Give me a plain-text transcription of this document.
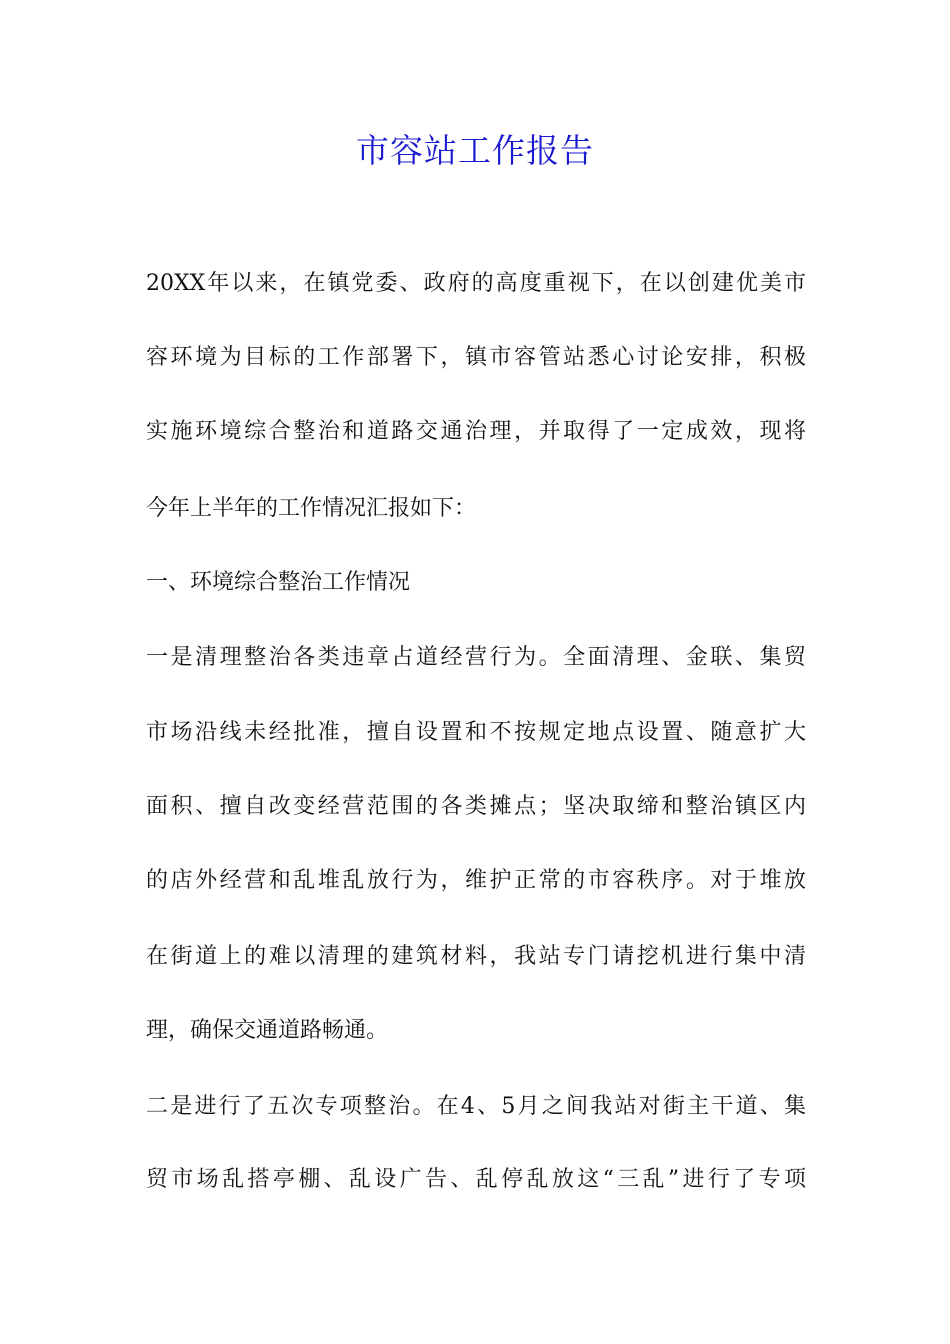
市容站工作报告
20XX年以来，在镇党委、政府的高度重视下，在以创建优美市
容环境为目标的工作部署下，镇市容管站悉心讨论安排，积极
实施环境综合整治和道路交通治理，并取得了一定成效，现将
今年上半年的工作情况汇报如下：
一、环境综合整治工作情况
一是清理整治各类违章占道经营行为。全面清理、金联、集贸
市场沿线未经批准，擅自设置和不按规定地点设置、随意扩大
面积、擅自改变经营范围的各类摊点；坚决取缔和整治镇区内
的店外经营和乱堆乱放行为，维护正常的市容秩序。对于堆放
在街道上的难以清理的建筑材料，我站专门请挖机进行集中清
理，确保交通道路畅通。
二是进行了五次专项整治。在4、5月之间我站对街主干道、集
贸市场乱搭亭棚、乱设广告、乱停乱放这“三乱”进行了专项
